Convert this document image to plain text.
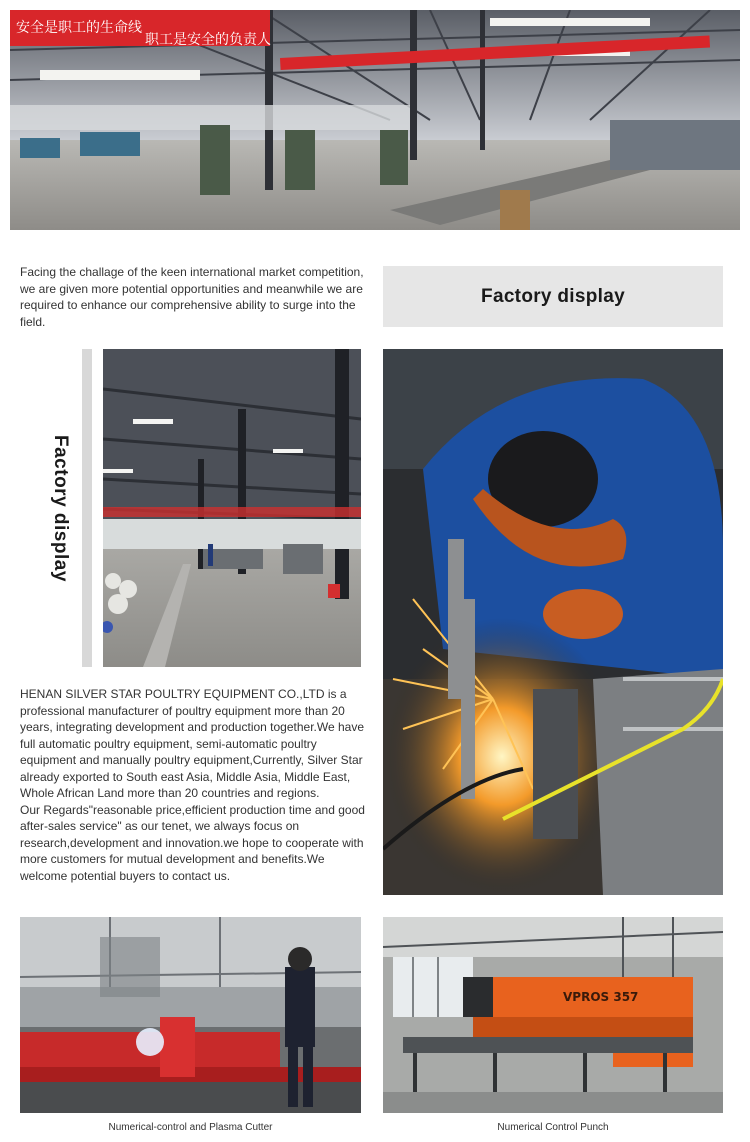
安全是职工的生命线
职工是安全的负责人
Facing the challage of the keen international market competition, we are given more potential opportunities and meanwhile we are required to enhance our comprehensive ability to surge into the field.
Factory display
Factory display

HENAN SILVER STAR POULTRY EQUIPMENT CO.,LTD is a professional manufacturer of poultry equipment more than 20 years, integrating development and production together.We have full automatic poultry equipment, semi-automatic poultry equipment and manually poultry equipment,Currently, Silver Star already exported to South east Asia, Middle Asia, Middle East, Whole African Land more than 20 countries and regions.

Our Regards"reasonable price,efficient production time and good after-sales service" as our tenet, we always focus on research,development and innovation.we hope to cooperate with more customers for mutual development and benefits.We welcome potential buyers to contact us.

VPROS 357
Numerical-control and Plasma Cutter	Numerical Control Punch
